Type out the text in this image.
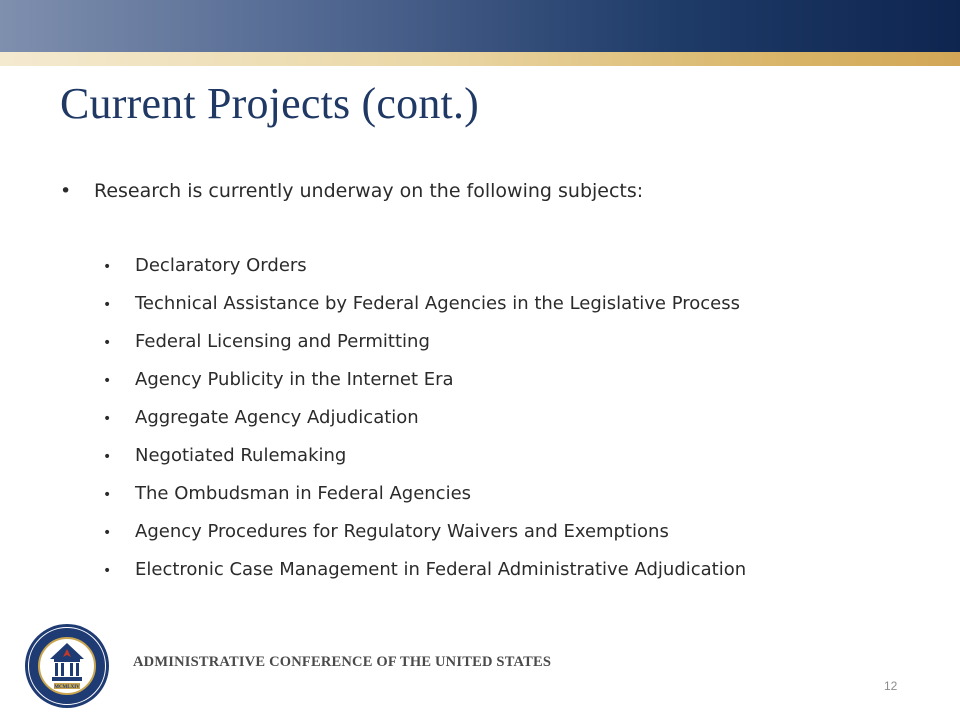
Current Projects (cont.)
•	Research is currently underway on the following subjects:
•	Declaratory Orders
•	Technical Assistance by Federal Agencies in the Legislative Process
•	Federal Licensing and Permitting
•	Agency Publicity in the Internet Era
•	Aggregate Agency Adjudication
•	Negotiated Rulemaking
•	The Ombudsman in Federal Agencies
•	Agency Procedures for Regulatory Waivers and Exemptions
•	Electronic Case Management in Federal Administrative Adjudication
MCMLXIV
ADMINISTRATIVE CONFERENCE OF THE UNITED STATES
12
